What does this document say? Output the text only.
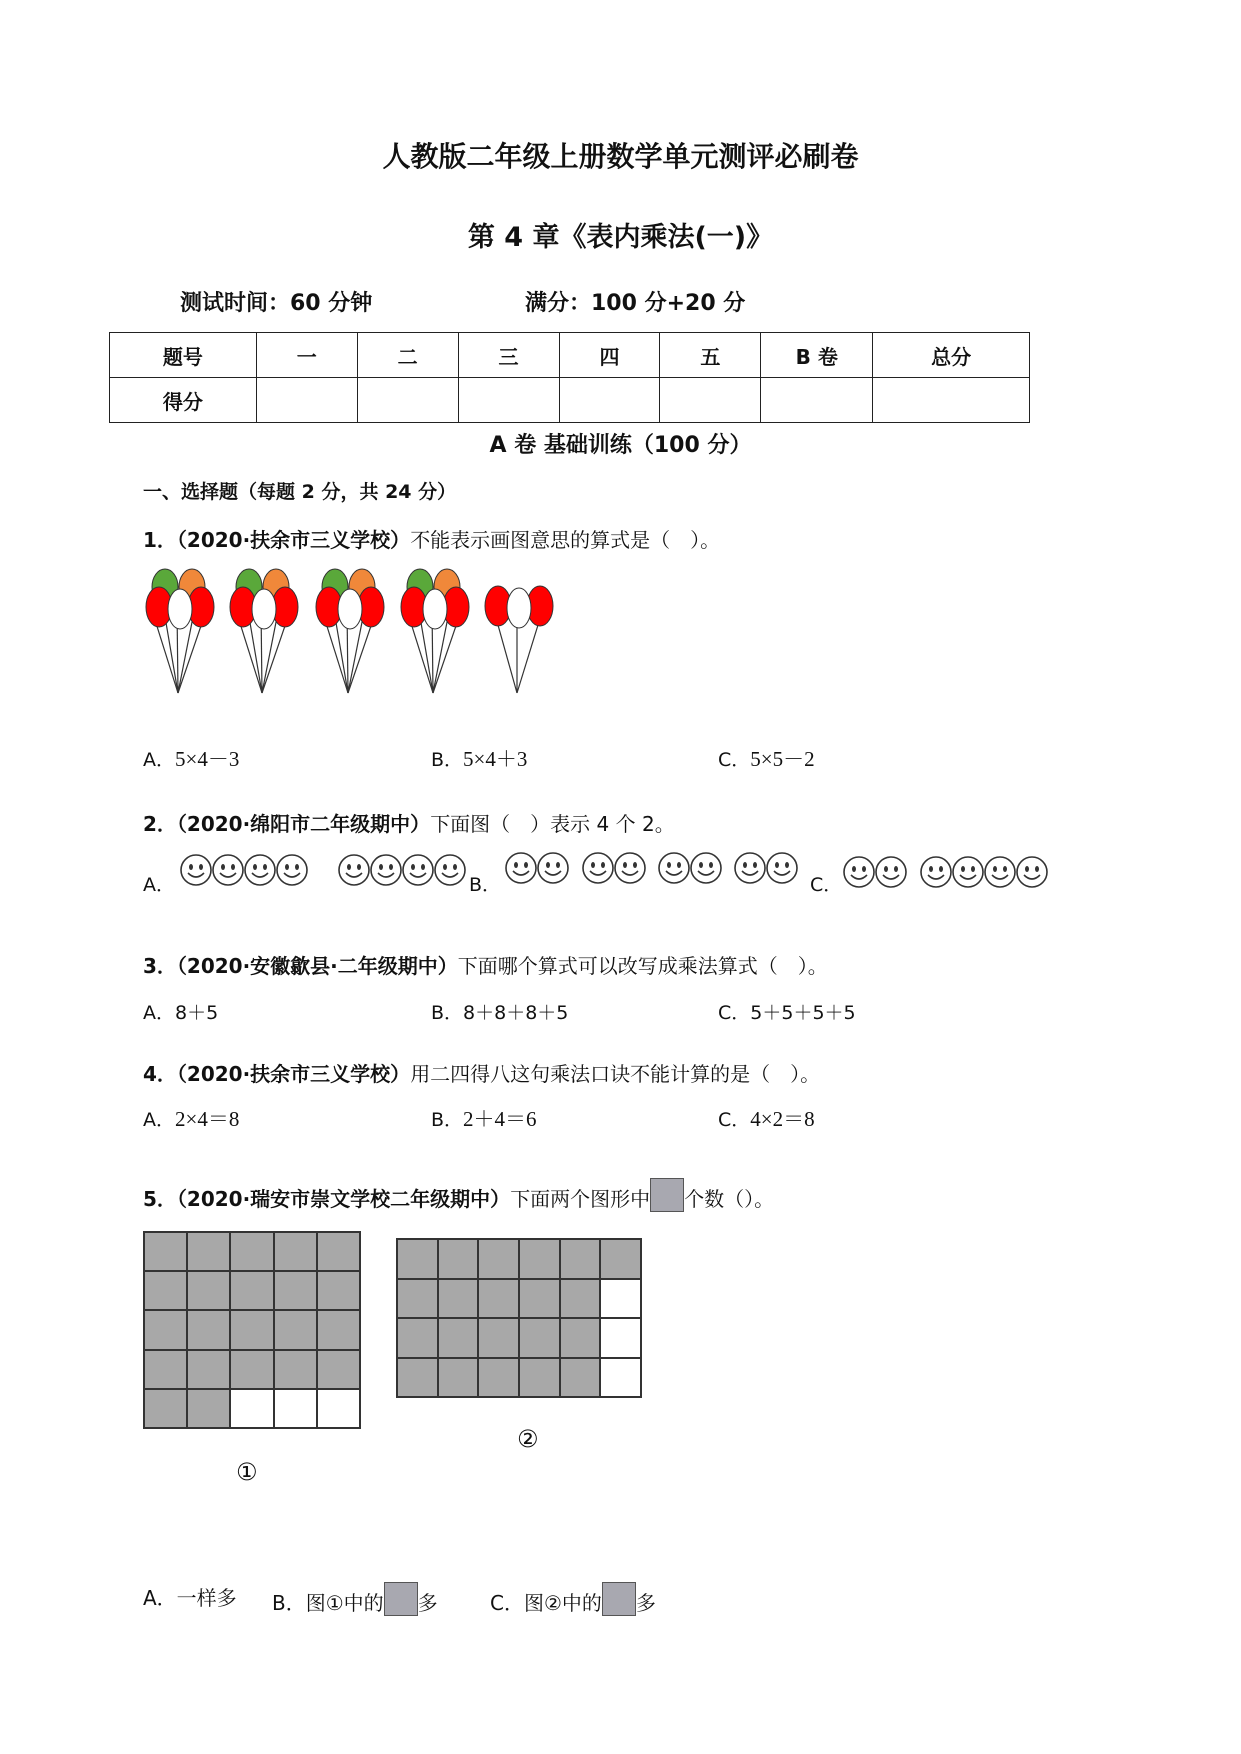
人教版二年级上册数学单元测评必刷卷
第 4 章《表内乘法(一)》
测试时间：60 分钟	满分：100 分+20 分
题号	一	二	三	四	五	B 卷	总分
得分							
A 卷 基础训练（100 分）
一、选择题（每题 2 分，共 24 分）
1．（2020·扶余市三义学校）不能表示画图意思的算式是（　）。
A．5×4－3	B．5×4＋3	C．5×5－2
2．（2020·绵阳市二年级期中）下面图（　）表示 4 个 2。
A．	B．	C．
3．（2020·安徽歙县·二年级期中）下面哪个算式可以改写成乘法算式（　）。
A．8＋5	B．8＋8＋8＋5	C．5＋5＋5＋5
4．（2020·扶余市三义学校）用二四得八这句乘法口诀不能计算的是（　）。
A．2×4＝8	B．2＋4＝6	C．4×2＝8
5．（2020·瑞安市崇文学校二年级期中）下面两个图形中 个数（）。

①

②
A．一样多 B．图①中的 多	C．图②中的 多
